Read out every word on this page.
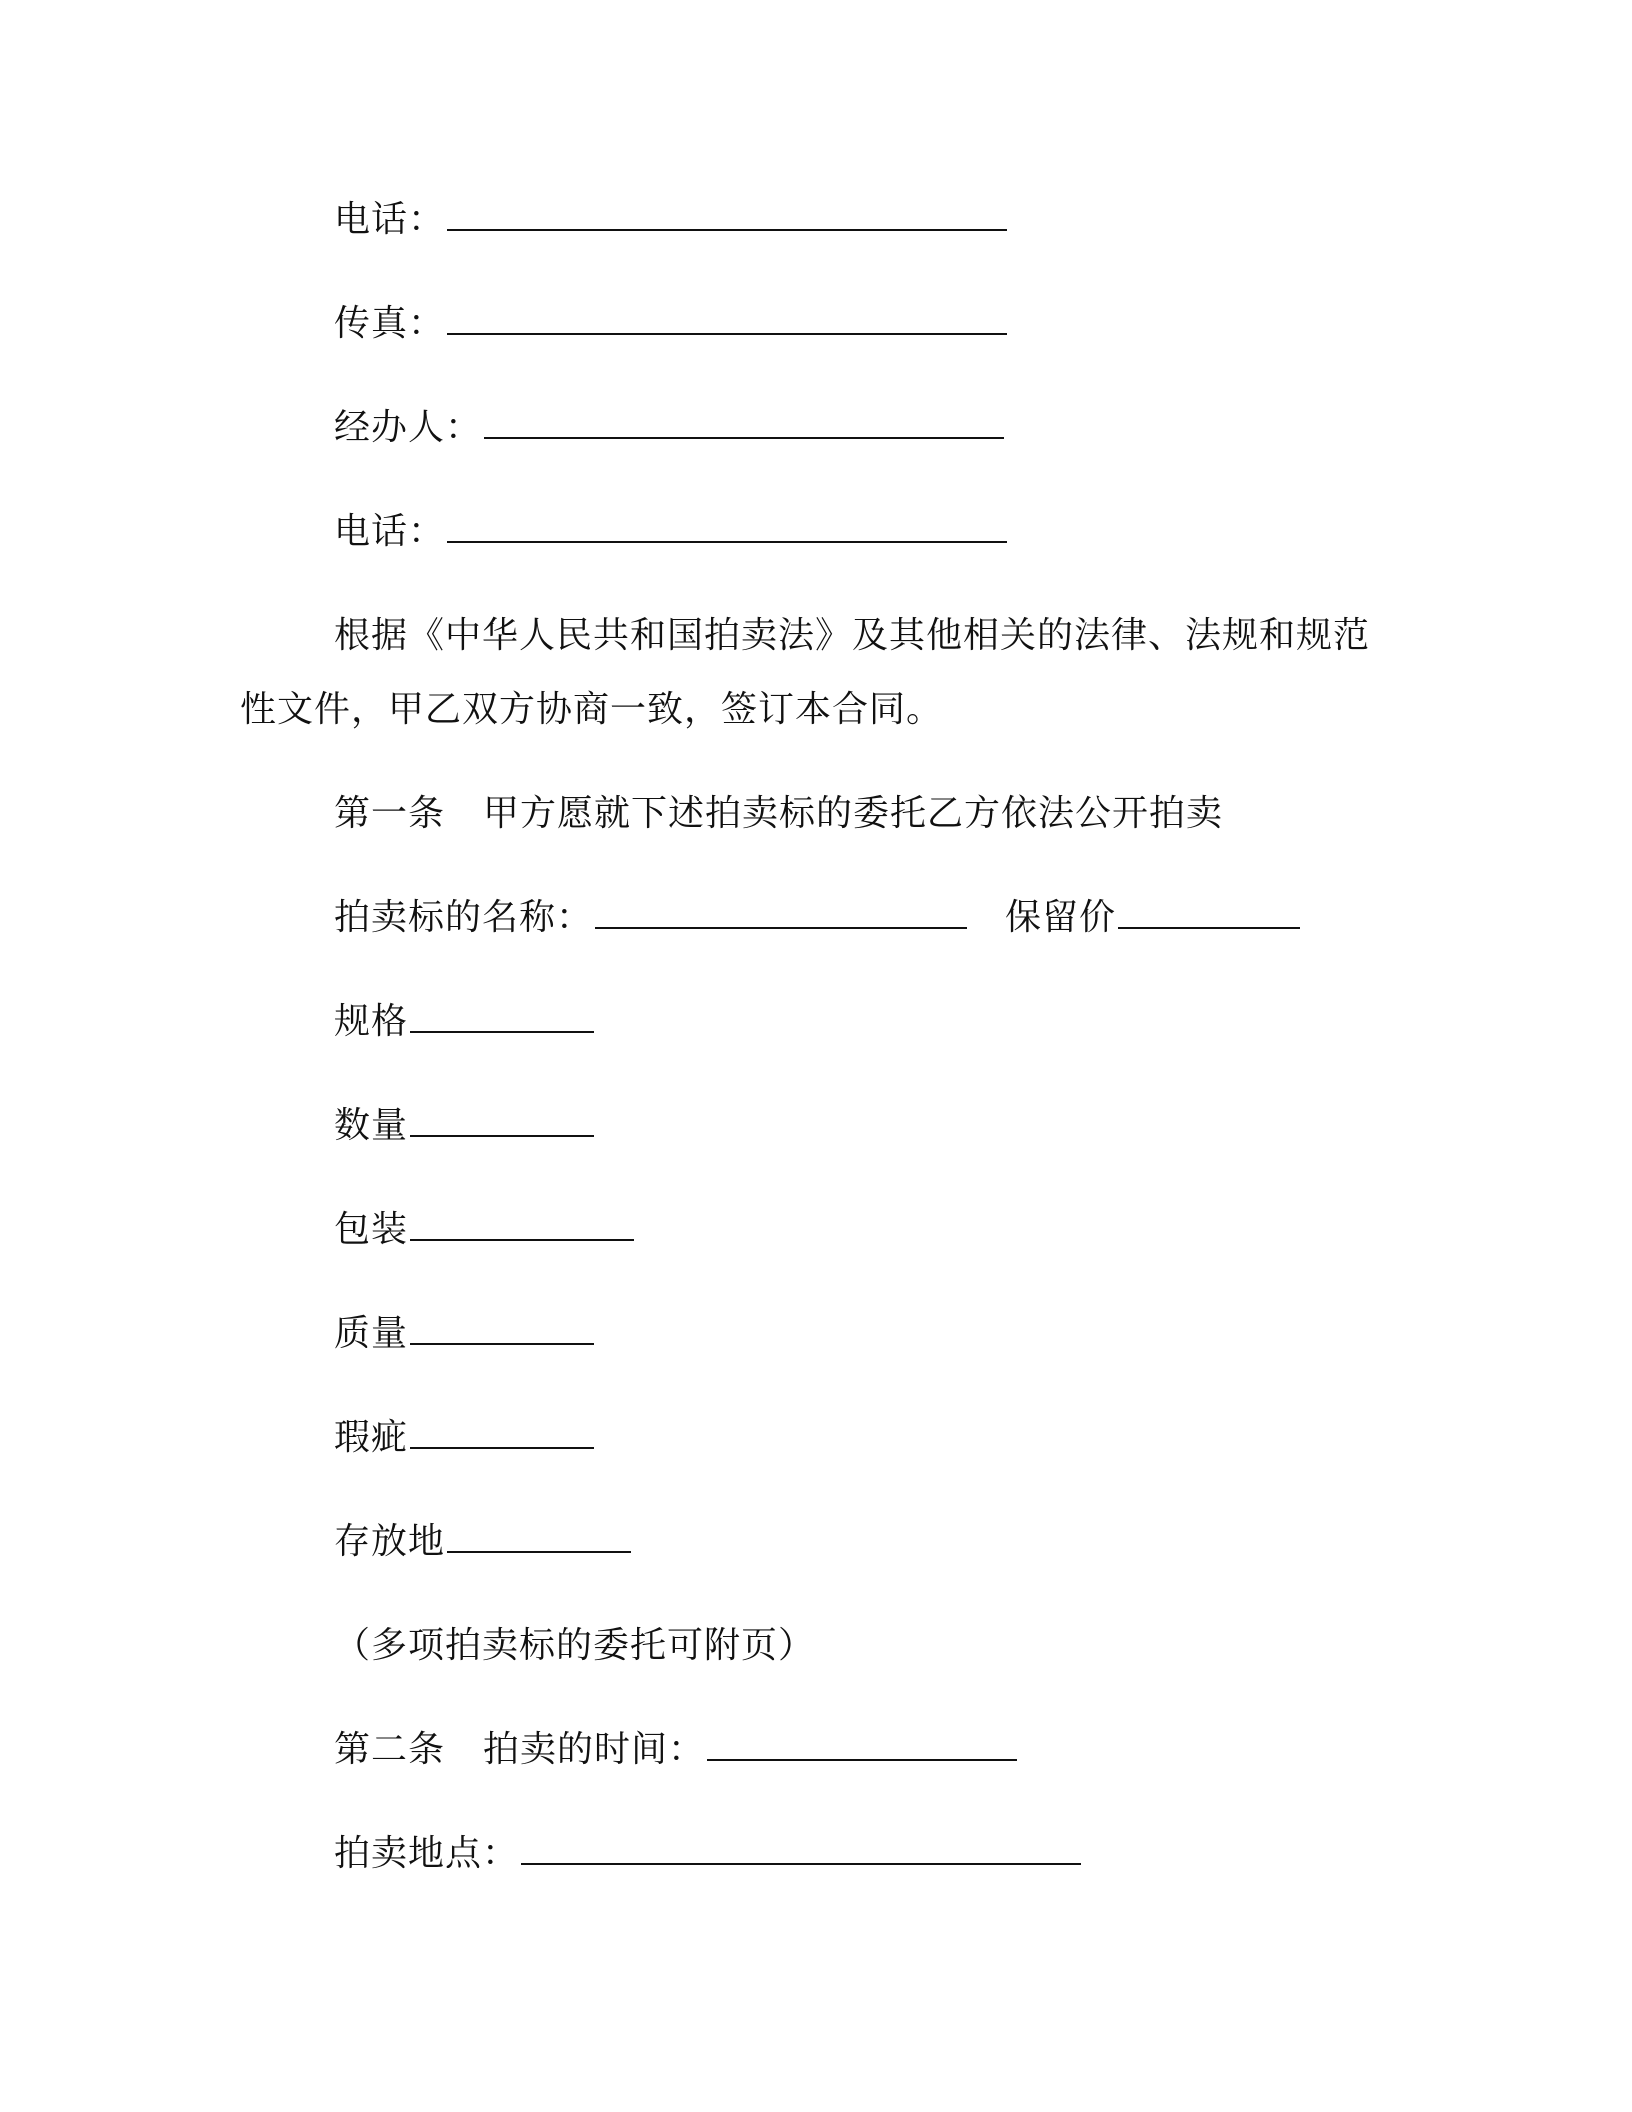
电话：
传真：
经办人：
电话：
根据《中华人民共和国拍卖法》及其他相关的法律、法规和规范
性文件，甲乙双方协商一致，签订本合同。
第一条 甲方愿就下述拍卖标的委托乙方依法公开拍卖
拍卖标的名称：	保留价
规格
数量
包装
质量
瑕疵
存放地
（多项拍卖标的委托可附页）
第二条 拍卖的时间：
拍卖地点：
